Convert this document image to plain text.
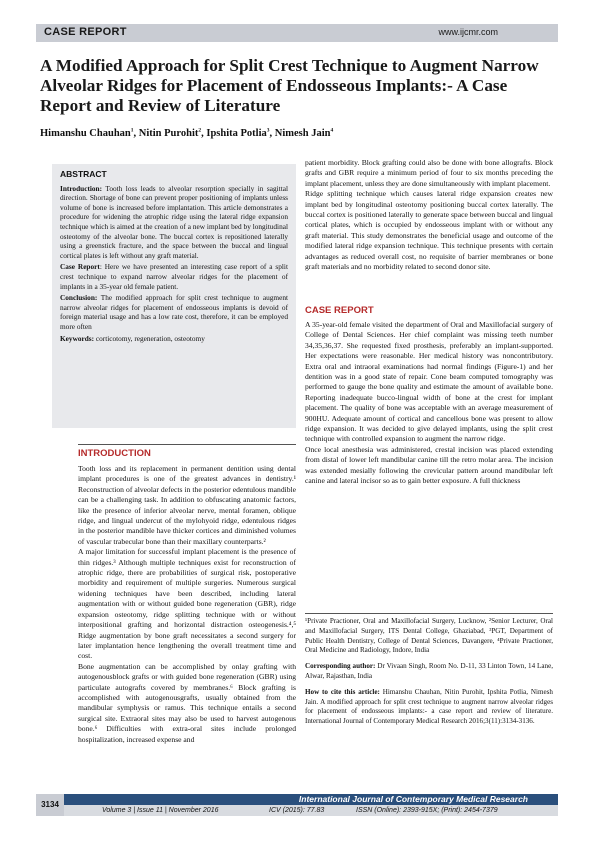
CASE REPORT	www.ijcmr.com
A Modified Approach for Split Crest Technique to Augment Narrow Alveolar Ridges for Placement of Endosseous Implants:- A Case Report and Review of Literature
Himanshu Chauhan$^1$, Nitin Purohit$^2$, Ipshita Potlia$^3$, Nimesh Jain$^4$
ABSTRACT

Introduction: Tooth loss leads to alveolar resorption specially in sagittal direction. Shortage of bone can prevent proper positioning of implants unless volume of bone is increased before implantation. This article demonstrates a procedure for widening the atrophic ridge using the lateral ridge expansion technique which is aimed at the creation of a new implant bed by longitudinal osteotomy of the alveolar bone. The buccal cortex is repositioned laterally using a greenstick fracture, and the space between the buccal and lingual cortical plates is left without any graft material.

Case Report: Here we have presented an interesting case report of a split crest technique to expand narrow alveolar ridges for the placement of implants in a 35-year old female patient.

Conclusion: The modified approach for split crest technique to augment narrow alveolar ridges for placement of endosseous implants is devoid of foreign material usage and has a low rate cost, therefore, it can be employed more often

Keywords: corticotomy, regeneration, osteotomy

INTRODUCTION

Tooth loss and its replacement in permanent dentition using dental implant procedures is one of the greatest advances in dentistry.¹ Reconstruction of alveolar defects in the posterior edentulous mandible can be a challenging task. In addition to obfuscating anatomic factors, like the presence of inferior alveolar nerve, mental foramen, oblique ridge, and lingual undercut of the mylohyoid ridge, edentulous ridges in the posterior mandible have thicker cortices and diminished volumes of vascular trabecular bone than their maxillary counterparts.²

A major limitation for successful implant placement is the presence of thin ridges.³ Although multiple techniques exist for reconstruction of atrophic ridge, there are probabilities of surgical risk, postoperative morbidity and requirement of multiple surgeries. Numerous surgical widening techniques have been described, including lateral augmentation with or without guided bone regeneration (GBR), ridge expansion osteotomy, ridge splitting technique with or without interpositional grafting and horizontal distraction osteogenesis.⁴,⁵ Ridge augmentation by bone graft necessitates a second surgery for later implantation hence lengthening the overall treatment time and cost.

Bone augmentation can be accomplished by onlay grafting with autogenousblock grafts or with guided bone regeneration (GBR) using particulate autografts covered by membranes.⁶ Block grafting is accomplished with autogenousgrafts, usually obtained from the mandibular symphysis or ramus. This technique entails a second surgical site. Extraoral sites may also be used to harvest autogenous bone.⁶ Difficulties with extra-oral sites include prolonged hospitalization, increased expense and

patient morbidity. Block grafting could also be done with bone allografts. Block grafts and GBR require a minimum period of four to six months preceding the implant placement, unless they are done simultaneously with implant placement.

Ridge splitting technique which causes lateral ridge expansion creates new implant bed by longitudinal osteotomy positioning buccal cortex laterally. The buccal cortex is positioned laterally to generate space between buccal and lingual cortical plates, which is occupied by endosseous implant with or without any graft material. This study demonstrates the beneficial usage and outcome of the modified lateral ridge expansion technique. This technique presents with certain advantages as reduced overall cost, no requisite of barrier membranes or bone graft materials and no morbidity related to second donor site.

CASE REPORT

A 35-year-old female visited the department of Oral and Maxillofacial surgery of College of Dental Sciences. Her chief complaint was missing teeth number 34,35,36,37. She requested fixed prosthesis, preferably an implant-supported. Her expectations were reasonable. Her medical history was noncontributory. Extra oral and intraoral examinations had normal findings (Figure-1) and her dentition was in a good state of repair. Cone beam computed tomography was performed to gauge the bone quality and estimate the amount of available bone. Reporting inadequate bucco-lingual width of bone at the crest for implant placement. The quality of bone was acceptable with an average measurement of 900HU. Adequate amount of cortical and cancellous bone was present to allow ridge expansion. It was decided to give delayed implants, using the split crest technique with controlled expansion to augment the narrow ridge.

Once local anesthesia was administered, crestal incision was placed extending from distal of lower left mandibular canine till the retro molar area. The incision was extended mesially following the crevicular pattern around mandibular left canine and lateral incisor so as to gain better exposure. A full thickness

¹Private Practioner, Oral and Maxillofacial Surgery, Lucknow, ²Senior Lecturer, Oral and Maxillofacial Surgery, ITS Dental College, Ghaziabad, ³PGT, Department of Public Health Dentistry, College of Dental Sciences, Davangere, ⁴Private Practioner, Oral Medicine and Radiology, Indore, India

Corresponding author: Dr Vivaan Singh, Room No. D-11, 33 Linton Town, 14 Lane, Alwar, Rajasthan, India

How to cite this article: Himanshu Chauhan, Nitin Purohit, Ipshita Potlia, Nimesh Jain. A modified approach for split crest technique to augment narrow alveolar ridges for placement of endosseous implants:- a case report and review of literature. International Journal of Contemporary Medical Research 2016;3(11):3134-3136.

3134
International Journal of Contemporary Medical Research
Volume 3 | Issue 11 | November 2016	ICV (2015): 77.83	ISSN (Online): 2393-915X; (Print): 2454-7379
